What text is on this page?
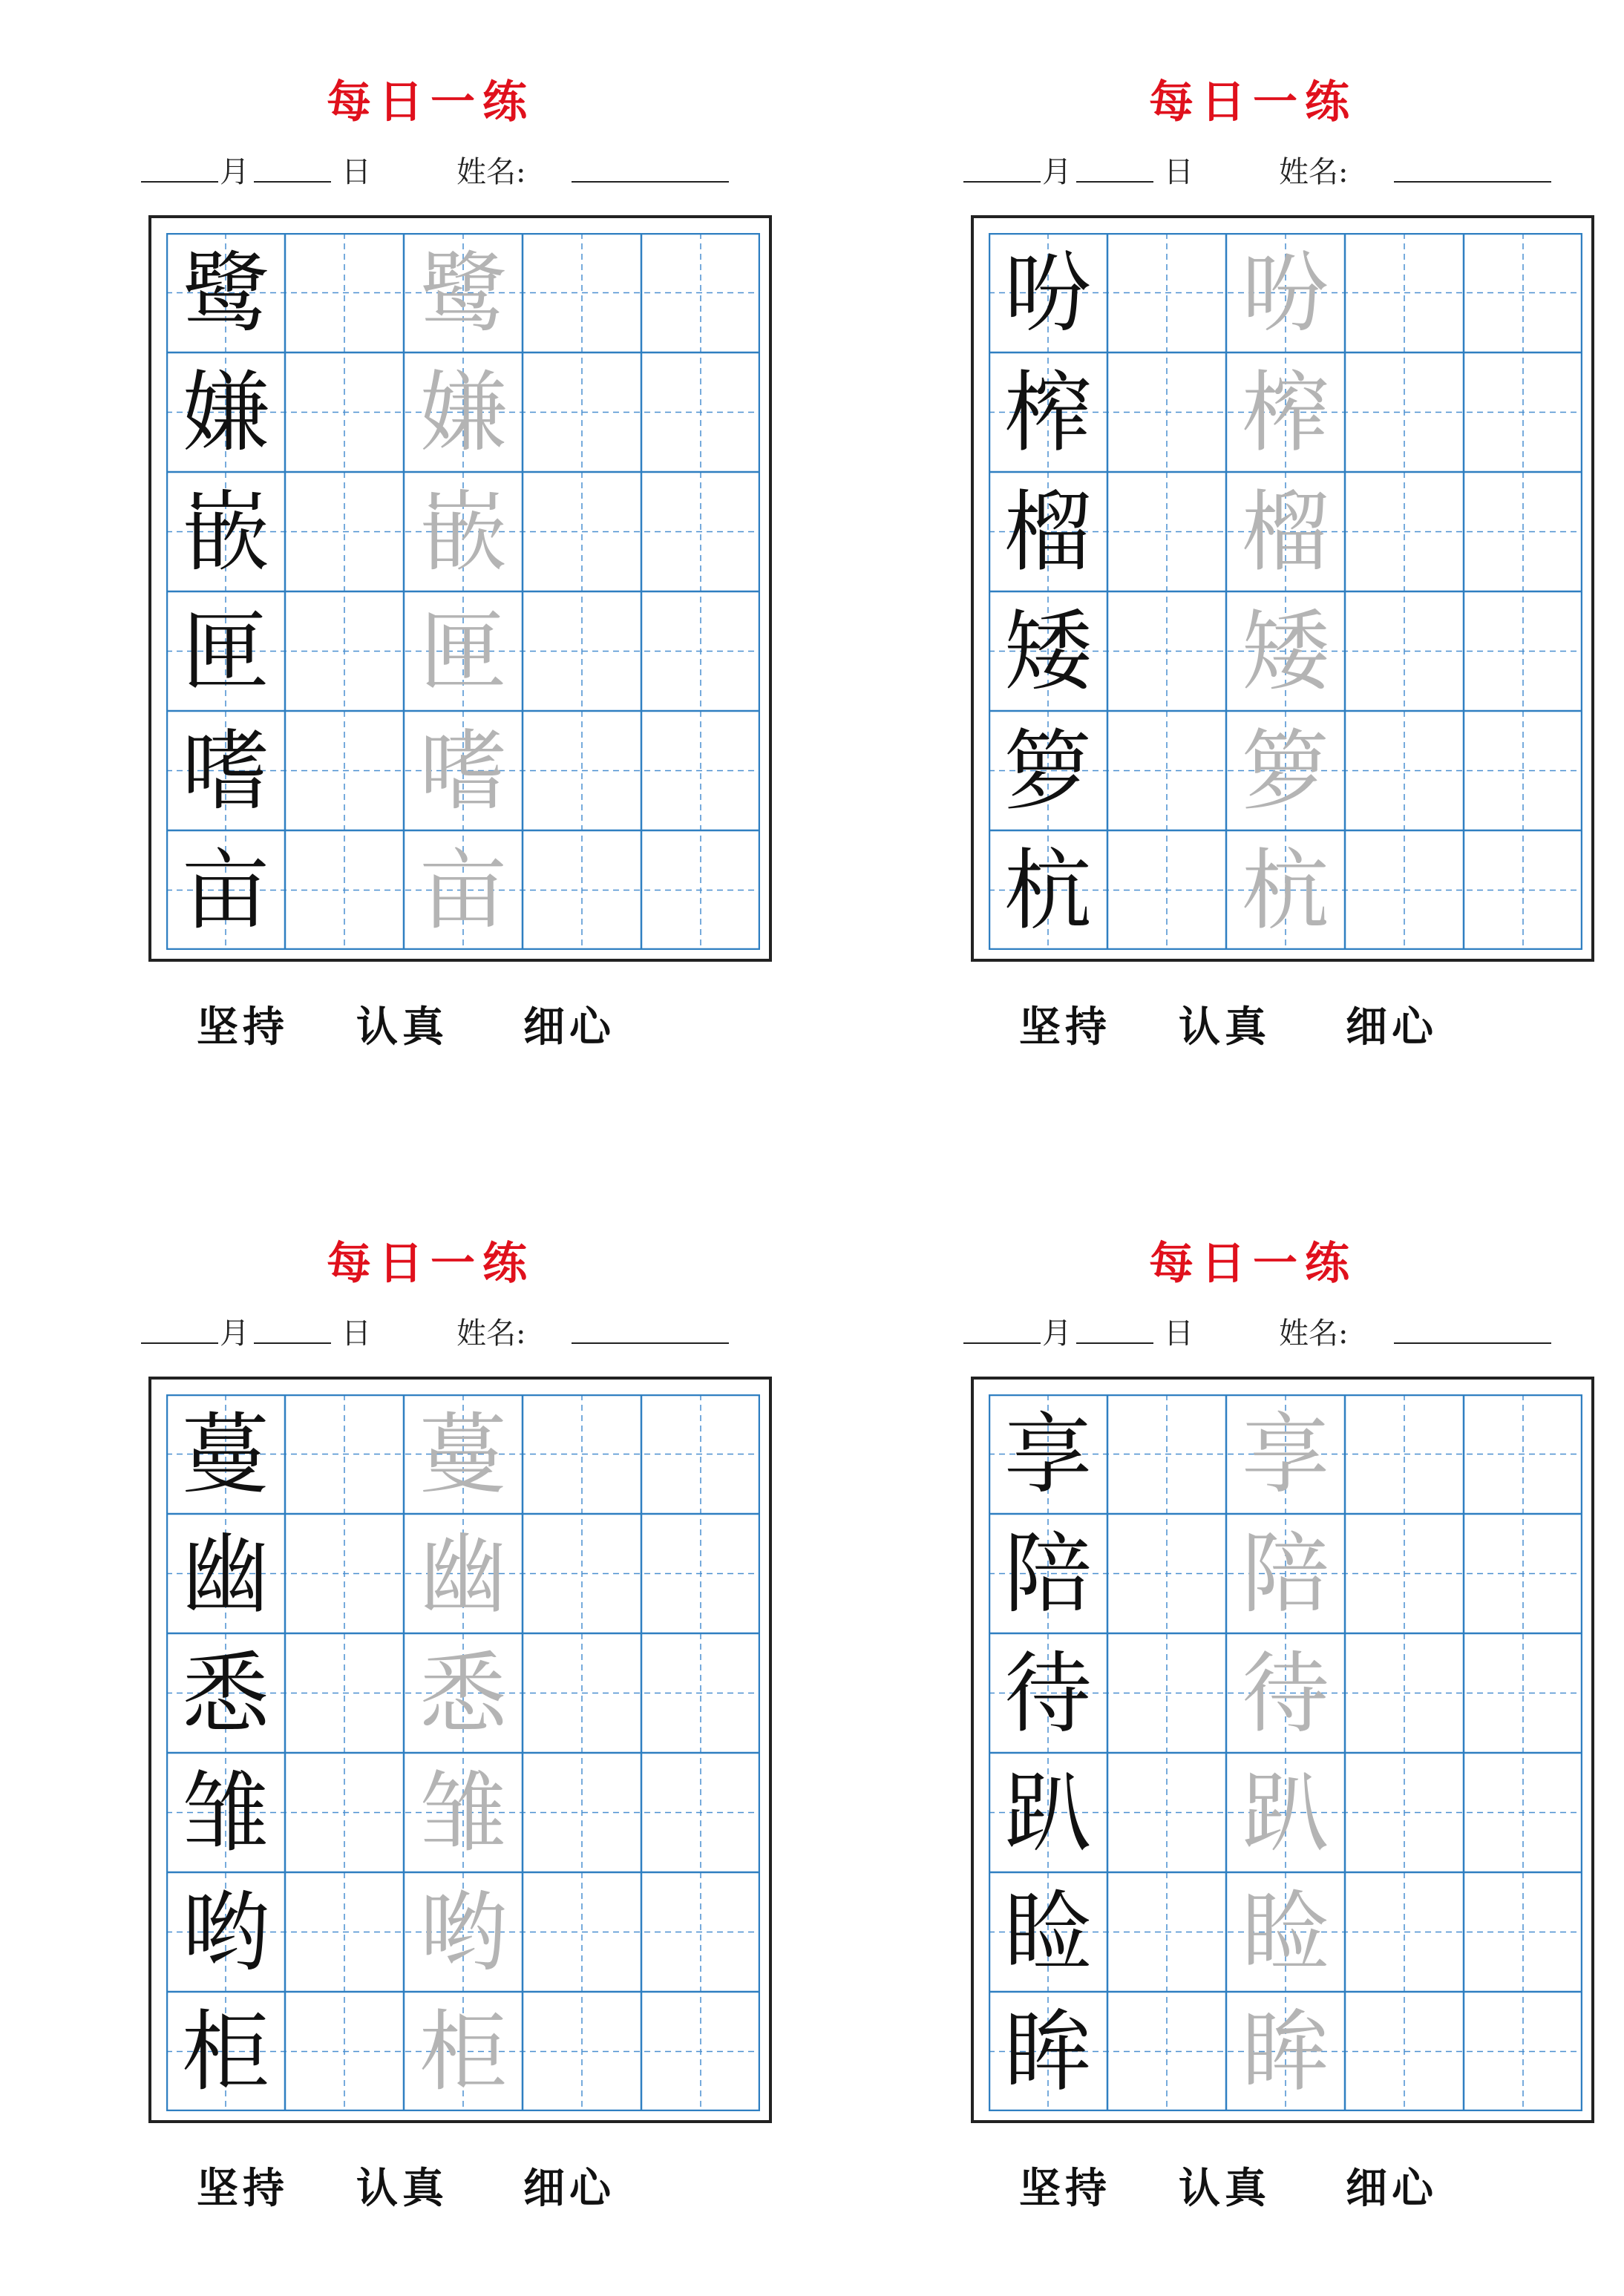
每日一练
月	日	姓名:
鹭 鹭
嫌 嫌
嵌 嵌
匣 匣
嗜 嗜
亩 亩
坚持 认真 细心
每日一练
月	日	姓名:
吩 吩
榨 榨
榴 榴
矮 矮
箩 箩
杭 杭
坚持 认真 细心
每日一练
月	日	姓名:
蔓 蔓
幽 幽
悉 悉
雏 雏
哟 哟
柜 柜
坚持 认真 细心
每日一练
月	日	姓名:
享 享
陪 陪
待 待
趴 趴
睑 睑
眸 眸
坚持 认真 细心
